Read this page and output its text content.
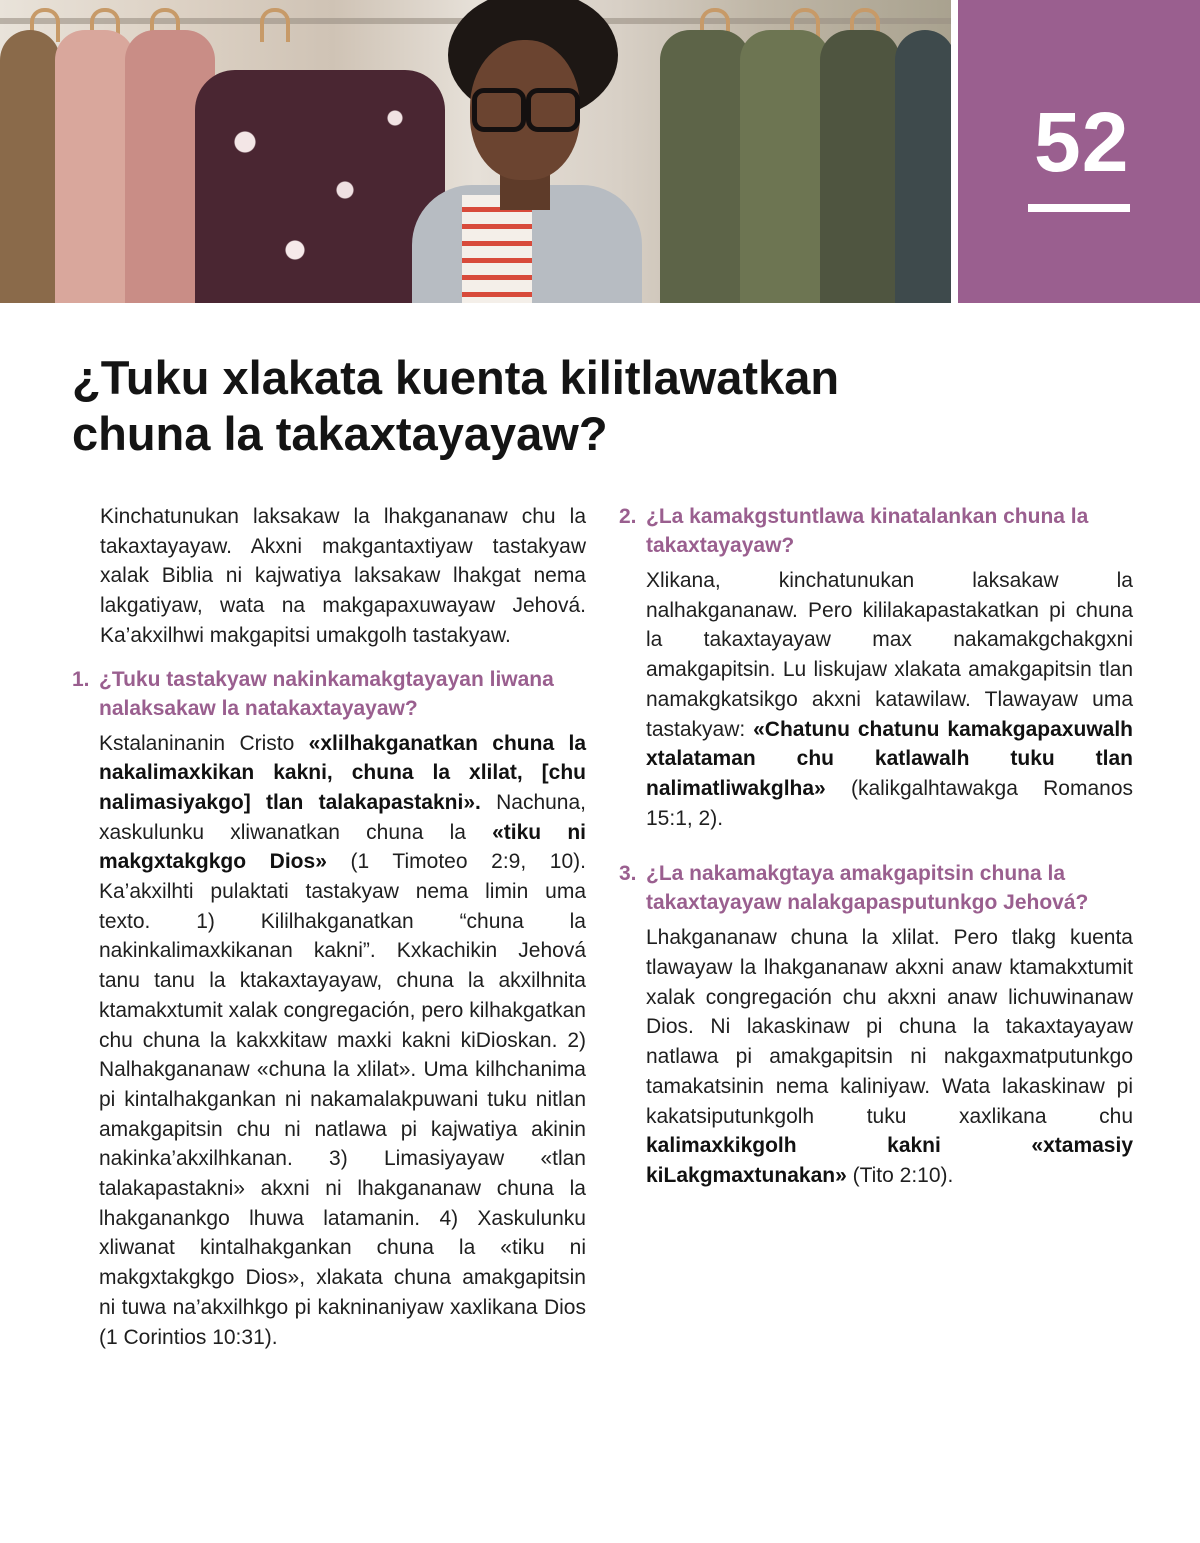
52
¿Tuku xlakata kuenta kilitlawatkan chuna la takaxtayayaw?

Kinchatunukan laksakaw la lhakgananaw chu la takaxtayayaw. Akxni makgantaxtiyaw tastakyaw xalak Biblia ni kajwatiya laksakaw lhakgat nema lakgatiyaw, wata na makgapaxuwayaw Jehová. Ka’akxilhwi makgapitsi umakgolh tastakyaw.

1. ¿Tuku tastakyaw nakinkamakgtayayan liwana nalaksakaw la natakaxtayayaw?

Kstalaninanin Cristo «xlilhakganatkan chuna la nakalimaxkikan kakni, chuna la xlilat, [chu nalimasiyakgo] tlan talakapastakni». Nachuna, xaskulunku xliwanatkan chuna la «tiku ni makgxtakgkgo Dios» (1 Timoteo 2:9, 10). Ka’akxilhti pulaktati tastakyaw nema limin uma texto. 1) Kililhakganatkan “chuna la nakinkalimaxkikanan kakni”. Kxkachikin Jehová tanu tanu la ktakaxtayayaw, chuna la akxilhnita ktamakxtumit xalak congregación, pero kilhakgatkan chu chuna la kakxkitaw maxki kakni kiDioskan. 2) Nalhakgananaw «chuna la xlilat». Uma kilhchanima pi kintalhakgankan ni nakamalakpuwani tuku nitlan amakgapitsin chu ni natlawa pi kajwatiya akinin nakinka’akxilhkanan. 3) Limasiyayaw «tlan talakapastakni» akxni ni lhakgananaw chuna la lhakganankgo lhuwa latamanin. 4) Xaskulunku xliwanat kintalhakgankan chuna la «tiku ni makgxtakgkgo Dios», xlakata chuna amakgapitsin ni tuwa na’akxilhkgo pi kakninaniyaw xaxlikana Dios (1 Corintios 10:31).

2. ¿La kamakgstuntlawa kinatalankan chuna la takaxtayayaw?

Xlikana, kinchatunukan laksakaw la nalhakgananaw. Pero kililakapastakatkan pi chuna la takaxtayayaw max nakamakgchakgxni amakgapitsin. Lu liskujaw xlakata amakgapitsin tlan namakgkatsikgo akxni katawilaw. Tlawayaw uma tastakyaw: «Chatunu chatunu kamakgapaxuwalh xtalataman chu katlawalh tuku tlan nalimatliwakglha» (kalikgalhtawakga Romanos 15:1, 2).

3. ¿La nakamakgtaya amakgapitsin chuna la takaxtayayaw nalakgapasputunkgo Jehová?

Lhakgananaw chuna la xlilat. Pero tlakg kuenta tlawayaw la lhakgananaw akxni anaw ktamakxtumit xalak congregación chu akxni anaw lichuwinanaw Dios. Ni lakaskinaw pi chuna la takaxtayayaw natlawa pi amakgapitsin ni nakgaxmatputunkgo tamakatsinin nema kaliniyaw. Wata lakaskinaw pi kakatsiputunkgolh tuku xaxlikana chu kalimaxkikgolh kakni «xtamasiy kiLakgmaxtunakan» (Tito 2:10).
